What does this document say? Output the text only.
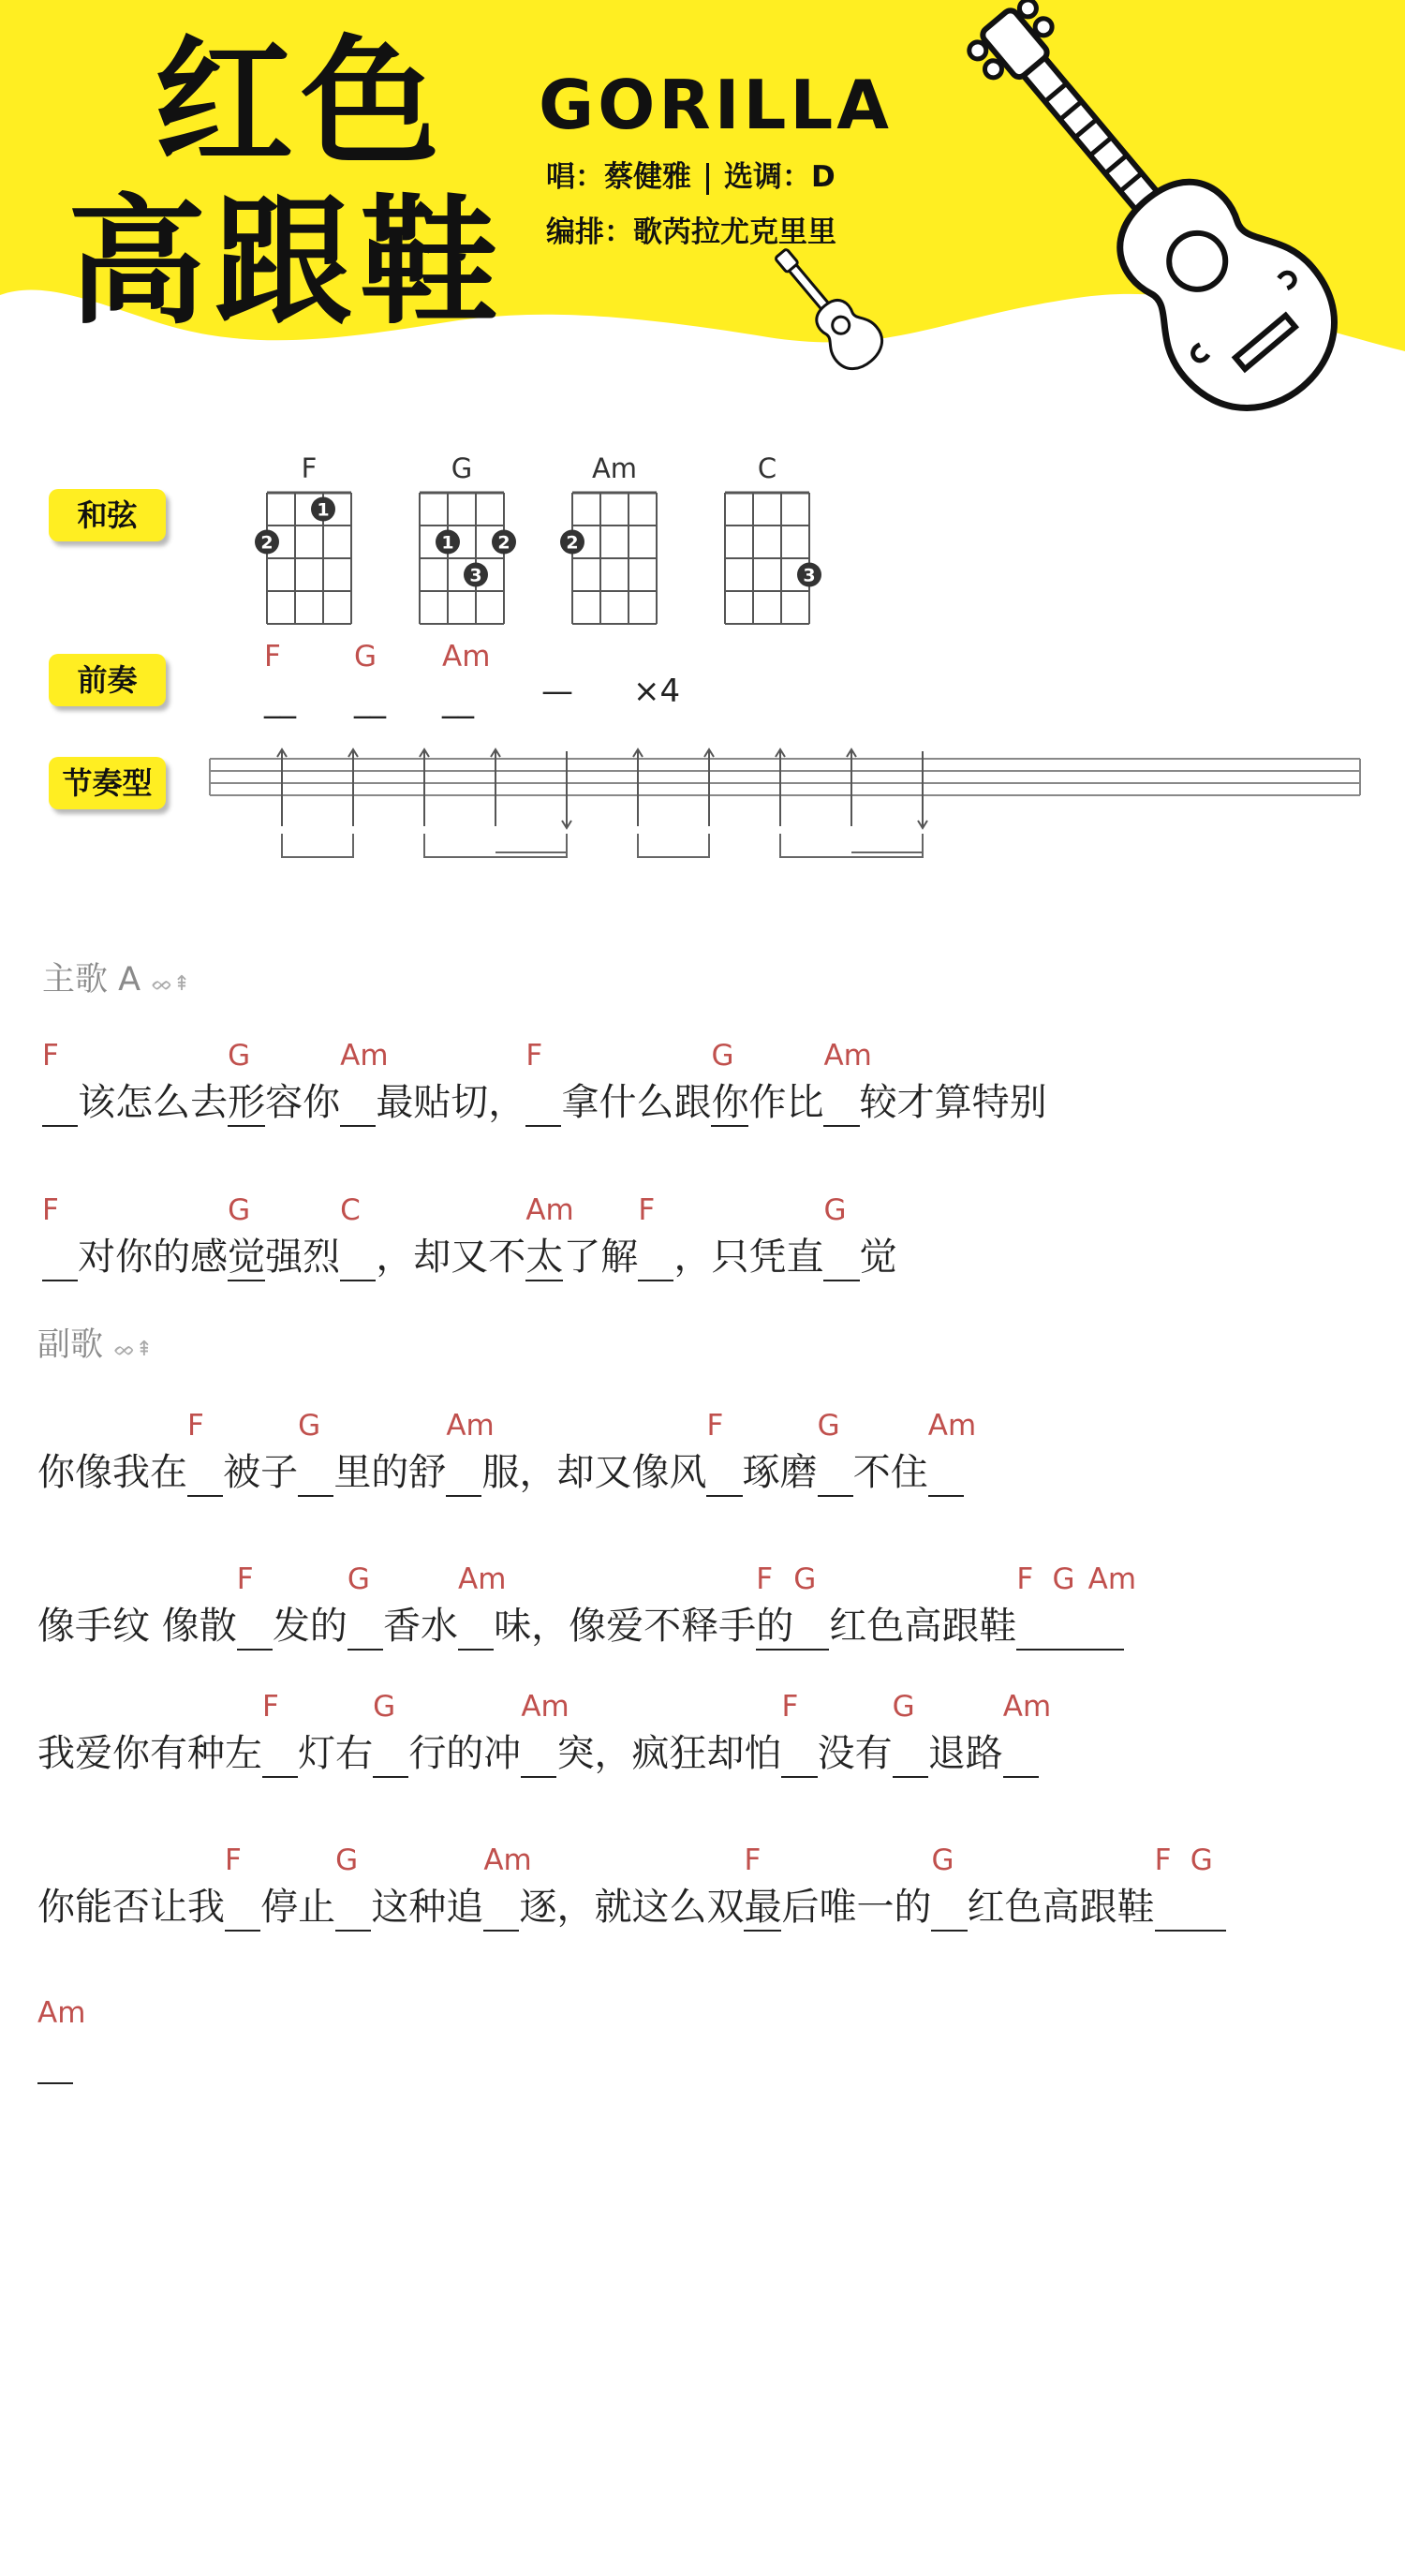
红色
高跟鞋
GORILLA
唱：蔡健雅 选调：D
编排：歌芮拉尤克里里
和弦
前奏
节奏型
F
1
2
G
1 2
3
Am
2
C
3
F	G Am
__ __ __ — ×4
主歌 A ᨖ⇞
副歌 ᨖ⇞

F
该怎么去形
G
容你
Am
最贴切，
F
拿什么跟你
G
作比
Am
较才算特别

F
对你的感觉
G
强烈
C
，却又不太
Am
了解
F
，只凭直
G
觉
你像我在
F
被子
G
里的舒
Am
服，却又像风
F
琢磨
G
不住
Am
像手纹 像散
F
发的
G
香水
Am
味，像爱不释手的
F
G
红色高跟鞋
F
G
Am
我爱你有种左
F
灯右
G
行的冲
Am
突，疯狂却怕
F
没有
G
退路
Am
你能否让我
F
停止
G
这种追
Am
逐，就这么双最
F
后唯一的
G
红色高跟鞋
F
G

Am
